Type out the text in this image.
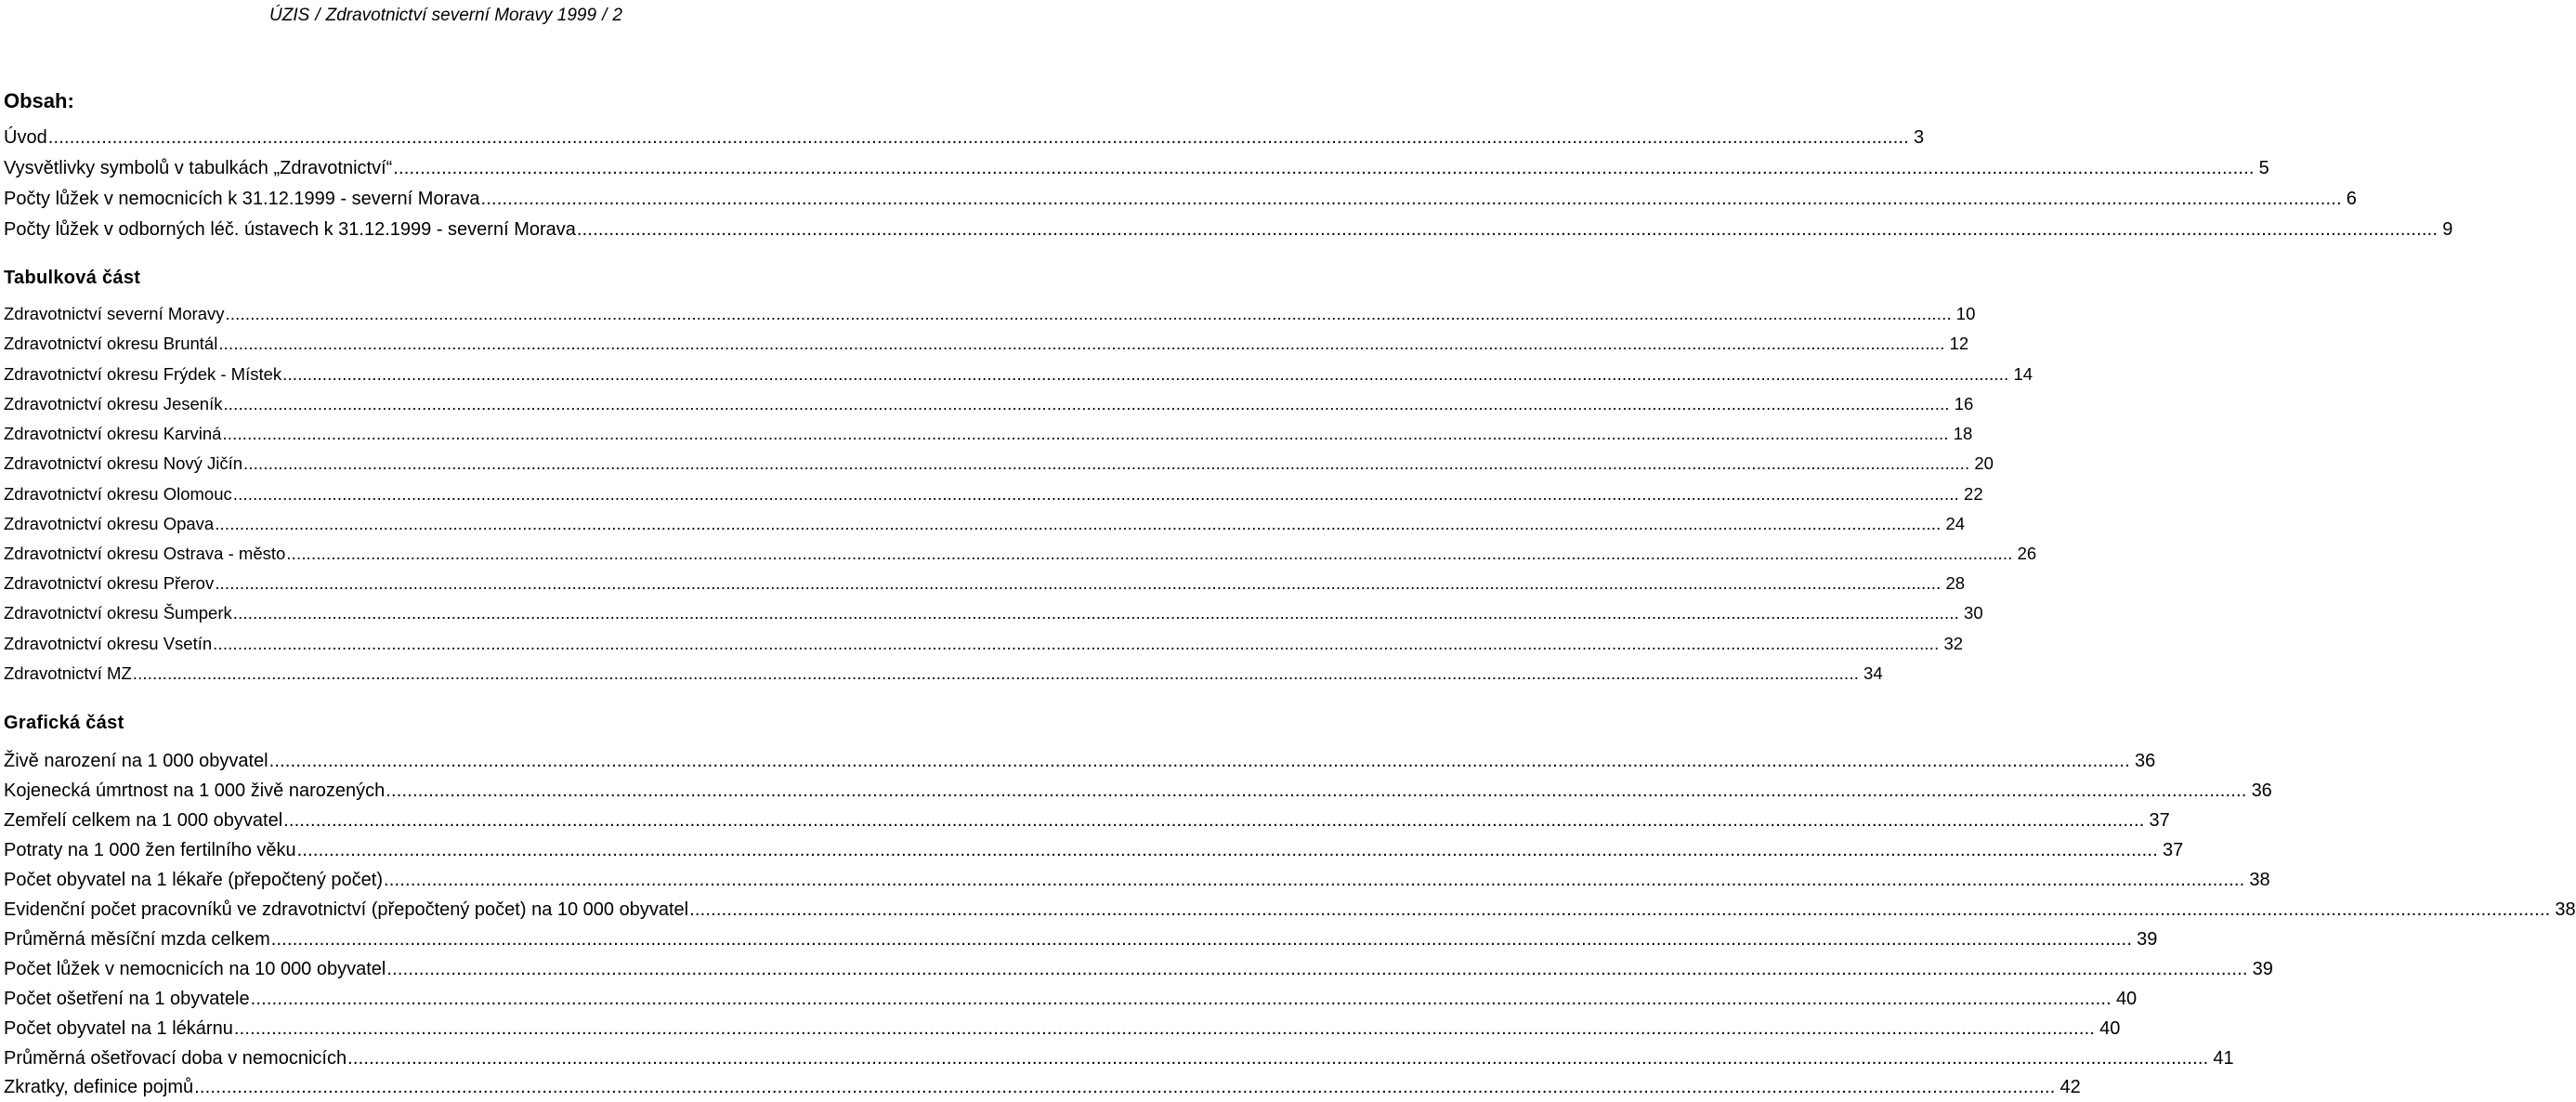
ÚZIS / Zdravotnictví severní Moravy 1999 / 2
Obsah:
Úvod .....	3
Vysvětlivky symbolů v tabulkách „Zdravotnictví“ .....	5
Počty lůžek v nemocnicích k 31.12.1999 - severní Morava .....	6
Počty lůžek v odborných léč. ústavech k 31.12.1999 - severní Morava .....	9
Tabulková část
Zdravotnictví severní Moravy .....	10
Zdravotnictví okresu Bruntál .....	12
Zdravotnictví okresu Frýdek - Místek .....	14
Zdravotnictví okresu Jeseník .....	16
Zdravotnictví okresu Karviná .....	18
Zdravotnictví okresu Nový Jičín .....	20
Zdravotnictví okresu Olomouc .....	22
Zdravotnictví okresu Opava .....	24
Zdravotnictví okresu Ostrava - město .....	26
Zdravotnictví okresu Přerov .....	28
Zdravotnictví okresu Šumperk .....	30
Zdravotnictví okresu Vsetín .....	32
Zdravotnictví MZ .....	34
Grafická část
Živě narození na 1 000 obyvatel .....	36
Kojenecká úmrtnost na 1 000 živě narozených .....	36
Zemřelí celkem na 1 000 obyvatel .....	37
Potraty na 1 000 žen fertilního věku .....	37
Počet obyvatel na 1 lékaře (přepočtený počet) .....	38
Evidenční počet pracovníků ve zdravotnictví (přepočtený počet) na 10 000 obyvatel .....	38
Průměrná měsíční mzda celkem .....	39
Počet lůžek v nemocnicích na 10 000 obyvatel .....	39
Počet ošetření na 1 obyvatele .....	40
Počet obyvatel na 1 lékárnu .....	40
Průměrná ošetřovací doba v nemocnicích .....	41
Zkratky, definice pojmů .....	42
